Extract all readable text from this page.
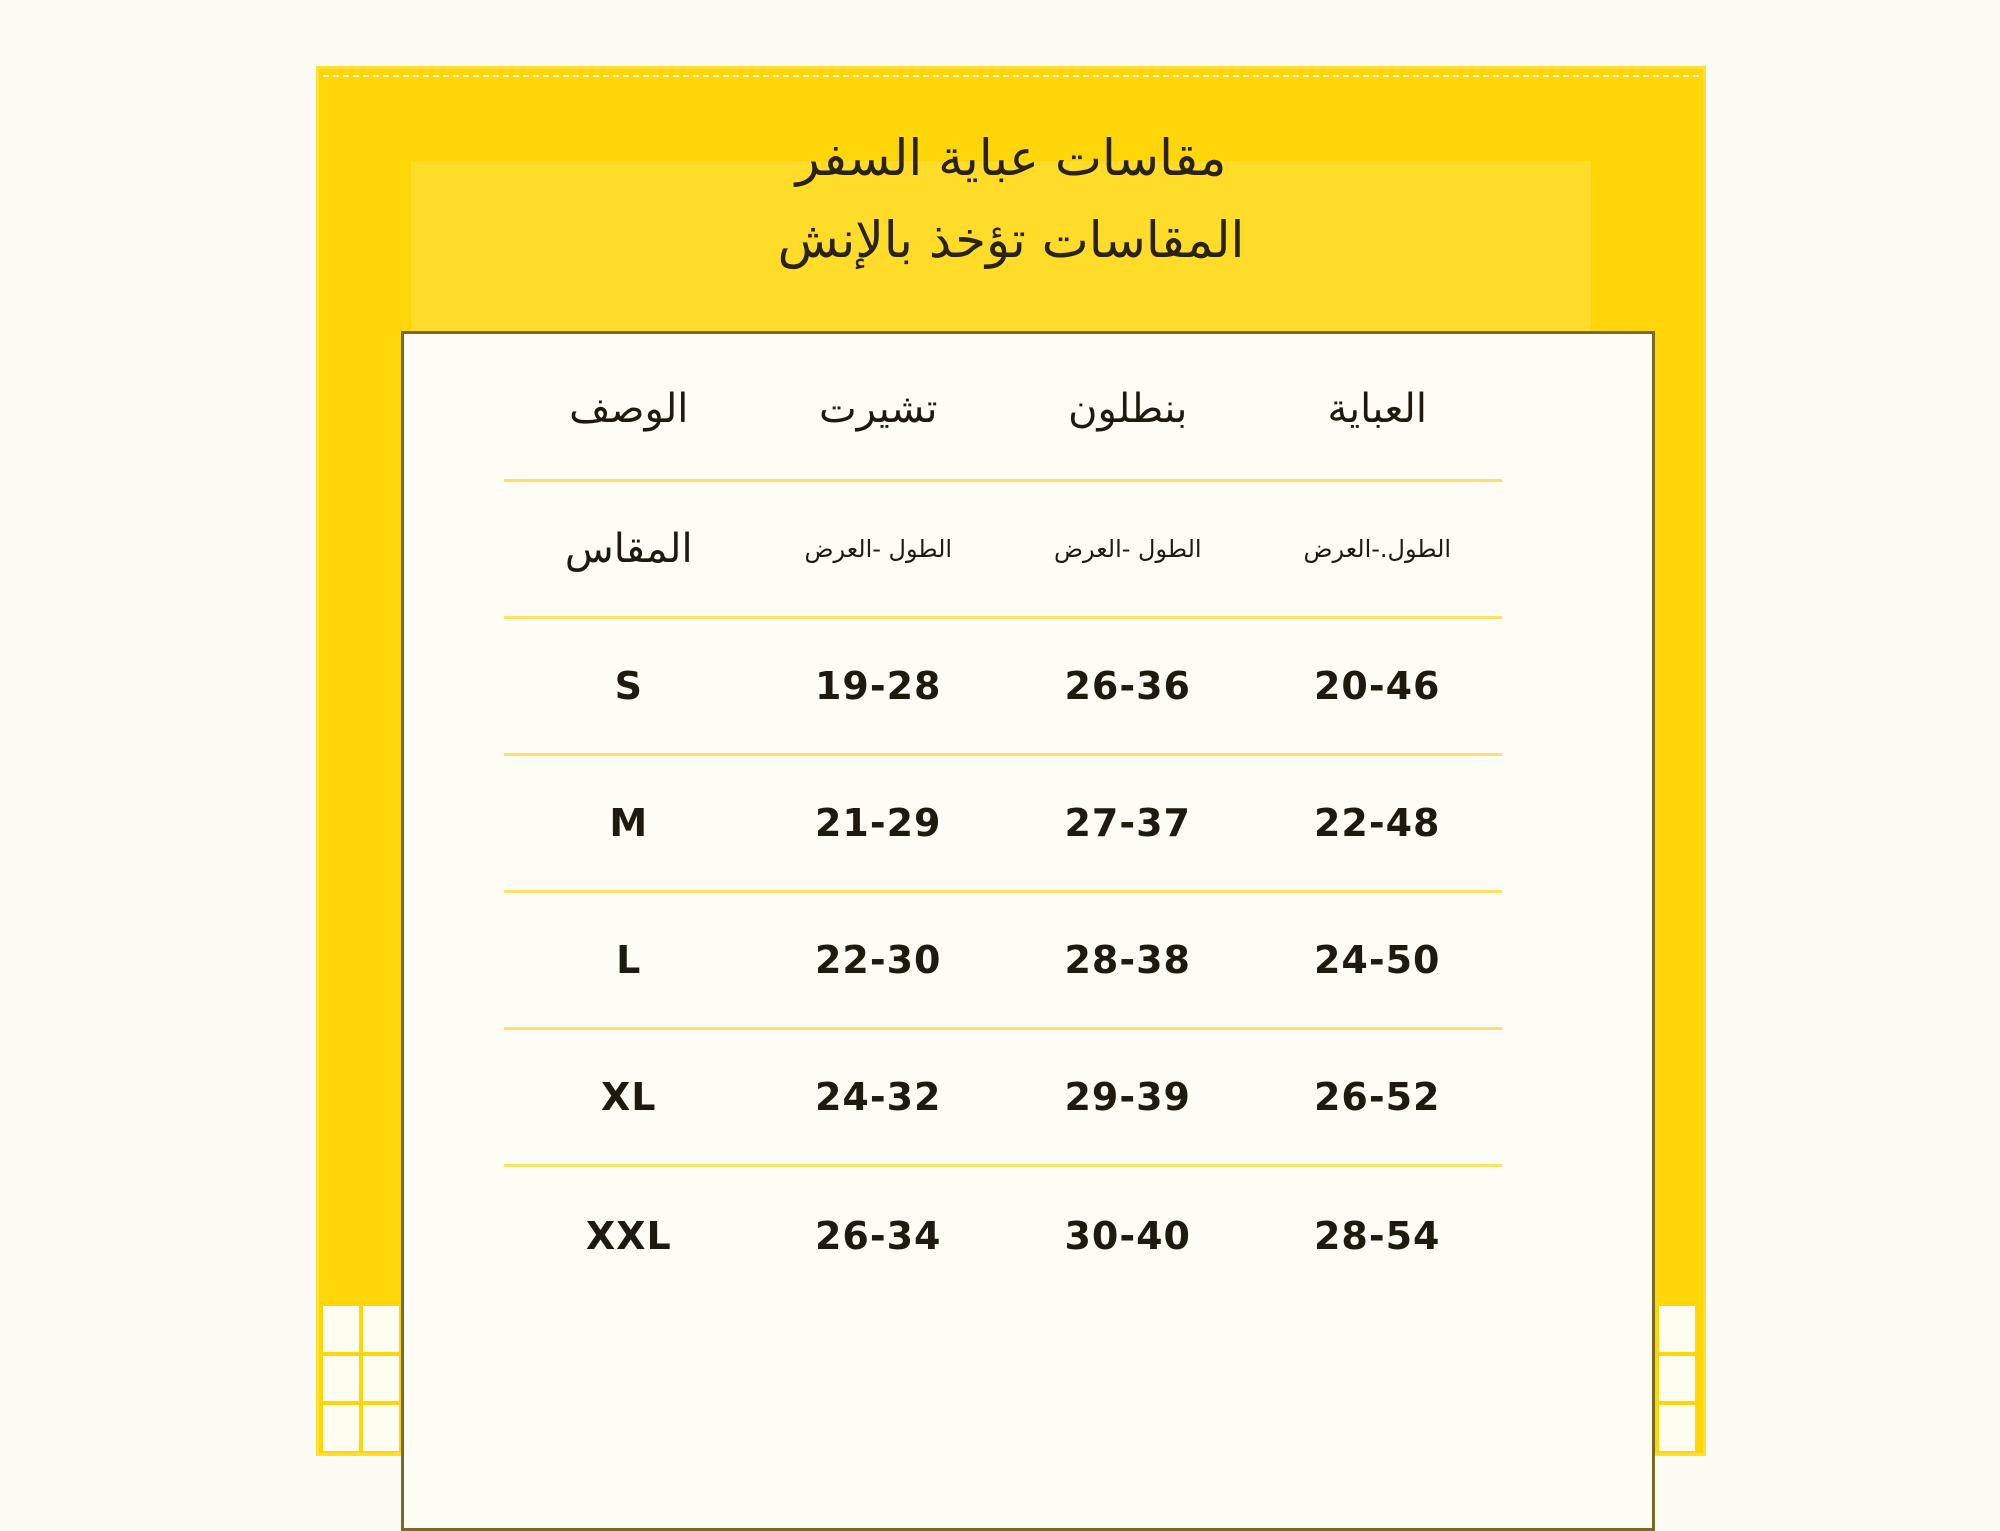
مقاسات عباية السفر
المقاسات تؤخذ بالإنش
العباية
بنطلون
تشيرت
الوصف
الطول.-العرض
الطول -العرض
الطول -العرض
المقاس
20-46
26-36
19-28
S
22-48
27-37
21-29
M
24-50
28-38
22-30
L
26-52
29-39
24-32
XL
28-54
30-40
26-34
XXL
